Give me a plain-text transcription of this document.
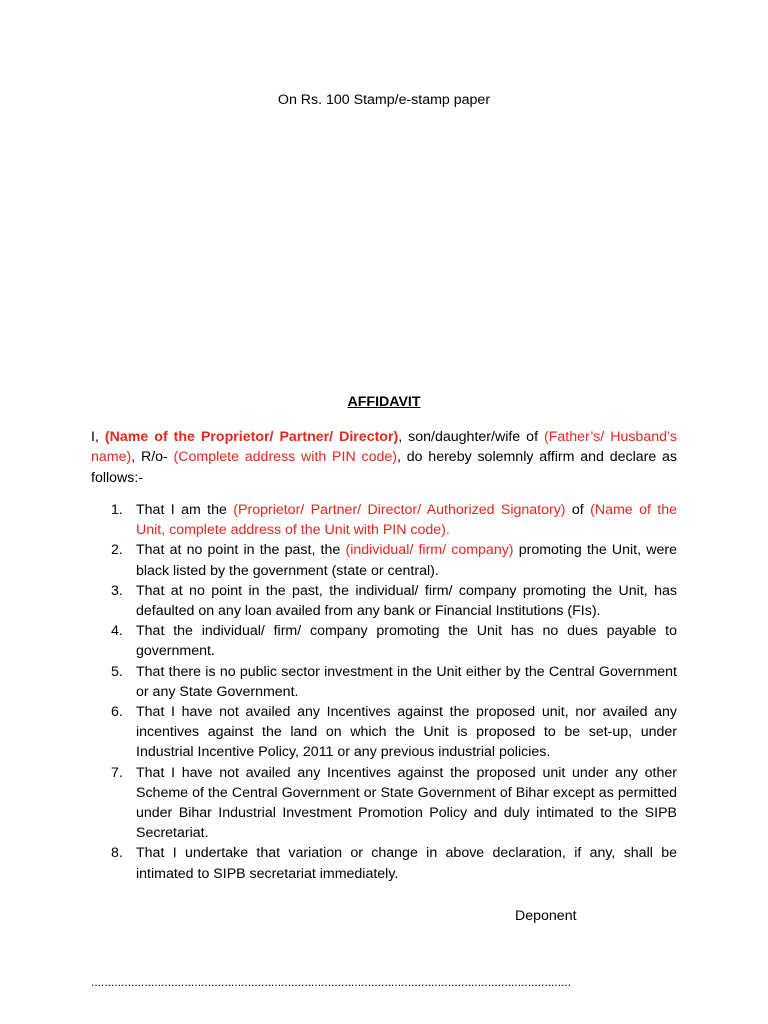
On Rs. 100 Stamp/e-stamp paper
AFFIDAVIT
I, (Name of the Proprietor/ Partner/ Director), son/daughter/wife of (Father’s/ Husband’s name), R/o- (Complete address with PIN code), do hereby solemnly affirm and declare as follows:-
1. That I am the (Proprietor/ Partner/ Director/ Authorized Signatory) of (Name of the Unit, complete address of the Unit with PIN code).
2. That at no point in the past, the (individual/ firm/ company) promoting the Unit, were black listed by the government (state or central).
3. That at no point in the past, the individual/ firm/ company promoting the Unit, has defaulted on any loan availed from any bank or Financial Institutions (FIs).
4. That the individual/ firm/ company promoting the Unit has no dues payable to government.
5. That there is no public sector investment in the Unit either by the Central Government or any State Government.
6. That I have not availed any Incentives against the proposed unit, nor availed any incentives against the land on which the Unit is proposed to be set-up, under Industrial Incentive Policy, 2011 or any previous industrial policies.
7. That I have not availed any Incentives against the proposed unit under any other Scheme of the Central Government or State Government of Bihar except as permitted under Bihar Industrial Investment Promotion Policy and duly intimated to the SIPB Secretariat.
8. That I undertake that variation or change in above declaration, if any, shall be intimated to SIPB secretariat immediately.
Deponent
................................................................................................................................................
